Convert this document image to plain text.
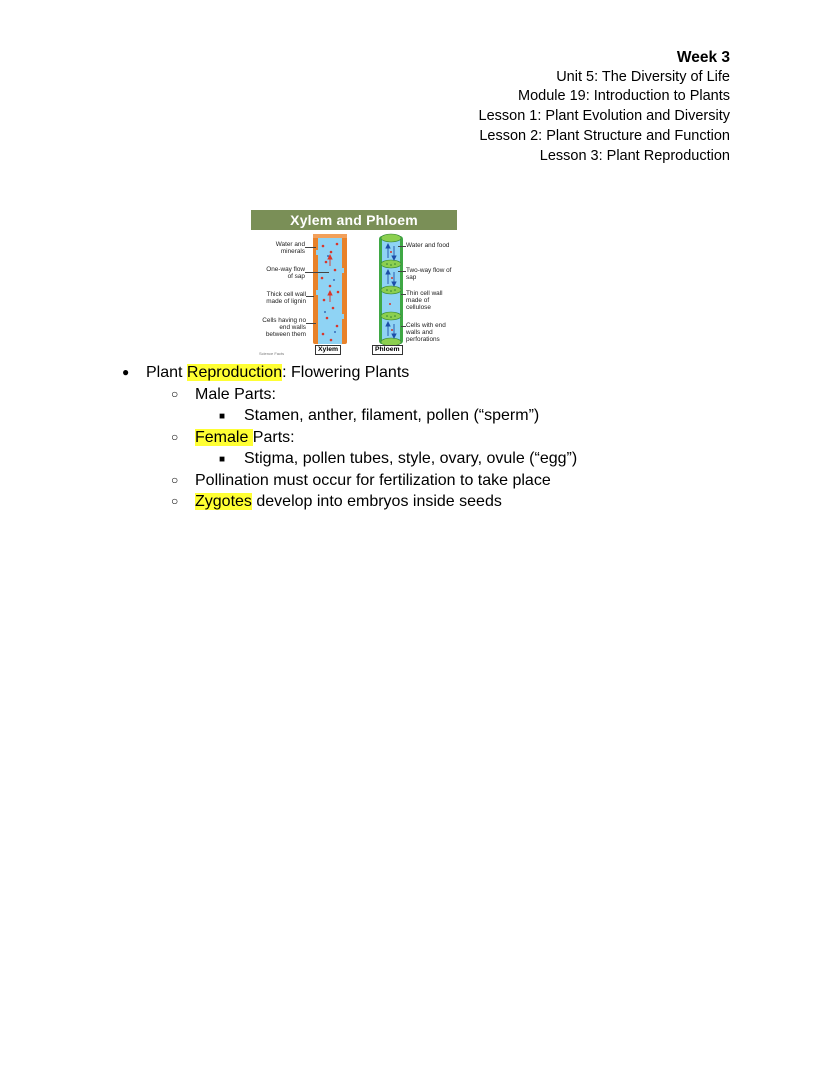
Week 3
Unit 5: The Diversity of Life
Module 19: Introduction to Plants
Lesson 1: Plant Evolution and Diversity
Lesson 2: Plant Structure and Function
Lesson 3: Plant Reproduction
Xylem and Phloem
Water and minerals
One-way flow of sap
Thick cell wall made of lignin
Cells having no end walls between them
Water and food
Two-way flow of sap
Thin cell wall made of cellulose
Cells with end walls and perforations
Xylem	Phloem
Science Facts
● Plant Reproduction: Flowering Plants
○ Male Parts:
■ Stamen, anther, filament, pollen (“sperm”)
○ Female Parts:
■ Stigma, pollen tubes, style, ovary, ovule (“egg”)
○ Pollination must occur for fertilization to take place
○ Zygotes develop into embryos inside seeds
